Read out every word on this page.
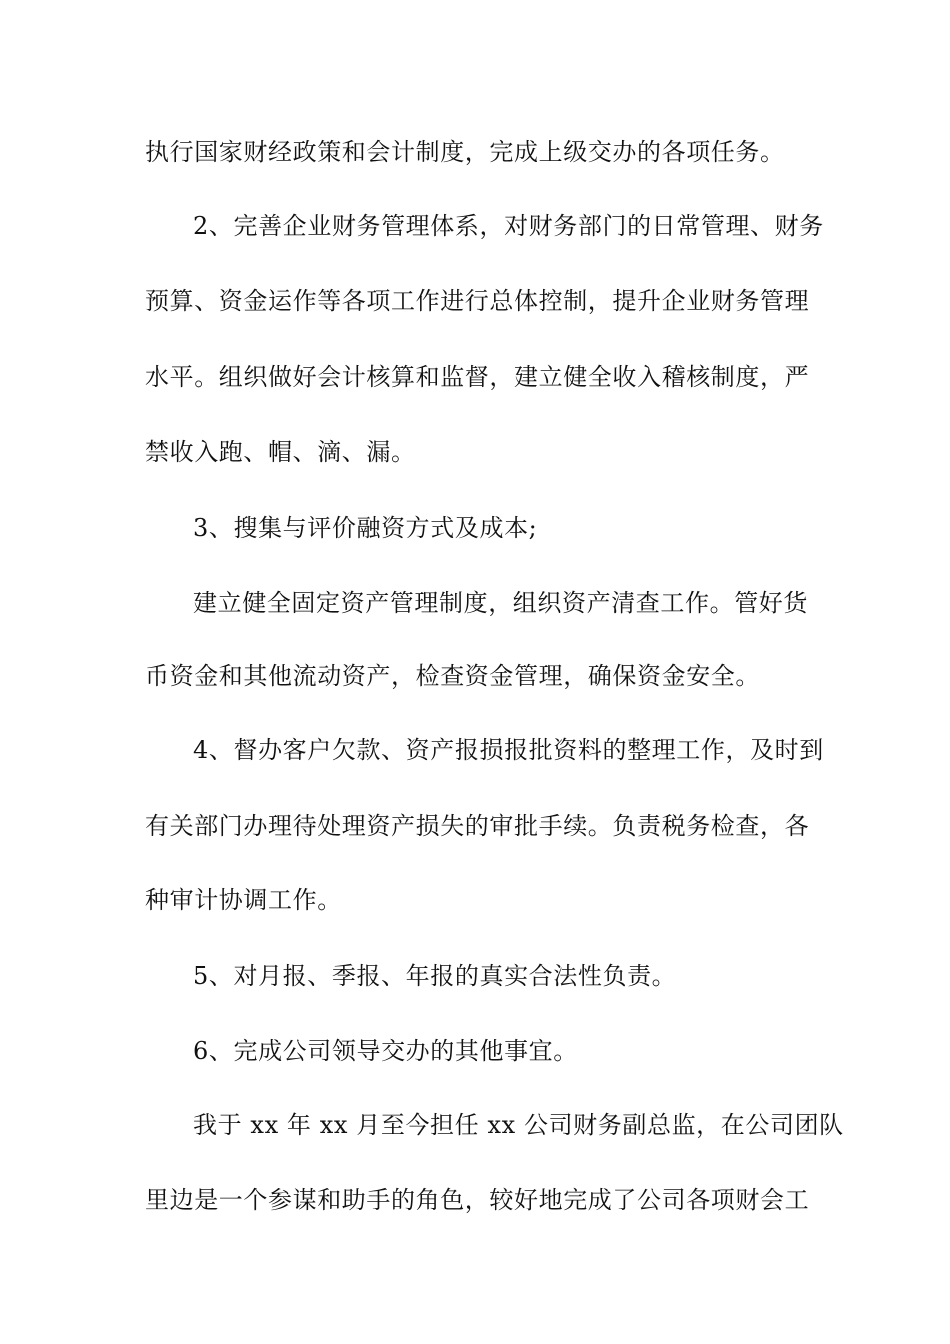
执行国家财经政策和会计制度，完成上级交办的各项任务。
2、完善企业财务管理体系，对财务部门的日常管理、财务
预算、资金运作等各项工作进行总体控制，提升企业财务管理
水平。组织做好会计核算和监督，建立健全收入稽核制度，严
禁收入跑、帽、滴、漏。
3、搜集与评价融资方式及成本;
建立健全固定资产管理制度，组织资产清查工作。管好货
币资金和其他流动资产，检查资金管理，确保资金安全。
4、督办客户欠款、资产报损报批资料的整理工作，及时到
有关部门办理待处理资产损失的审批手续。负责税务检查，各
种审计协调工作。
5、对月报、季报、年报的真实合法性负责。
6、完成公司领导交办的其他事宜。
我于 xx 年 xx 月至今担任 xx 公司财务副总监，在公司团队
里边是一个参谋和助手的角色，较好地完成了公司各项财会工
